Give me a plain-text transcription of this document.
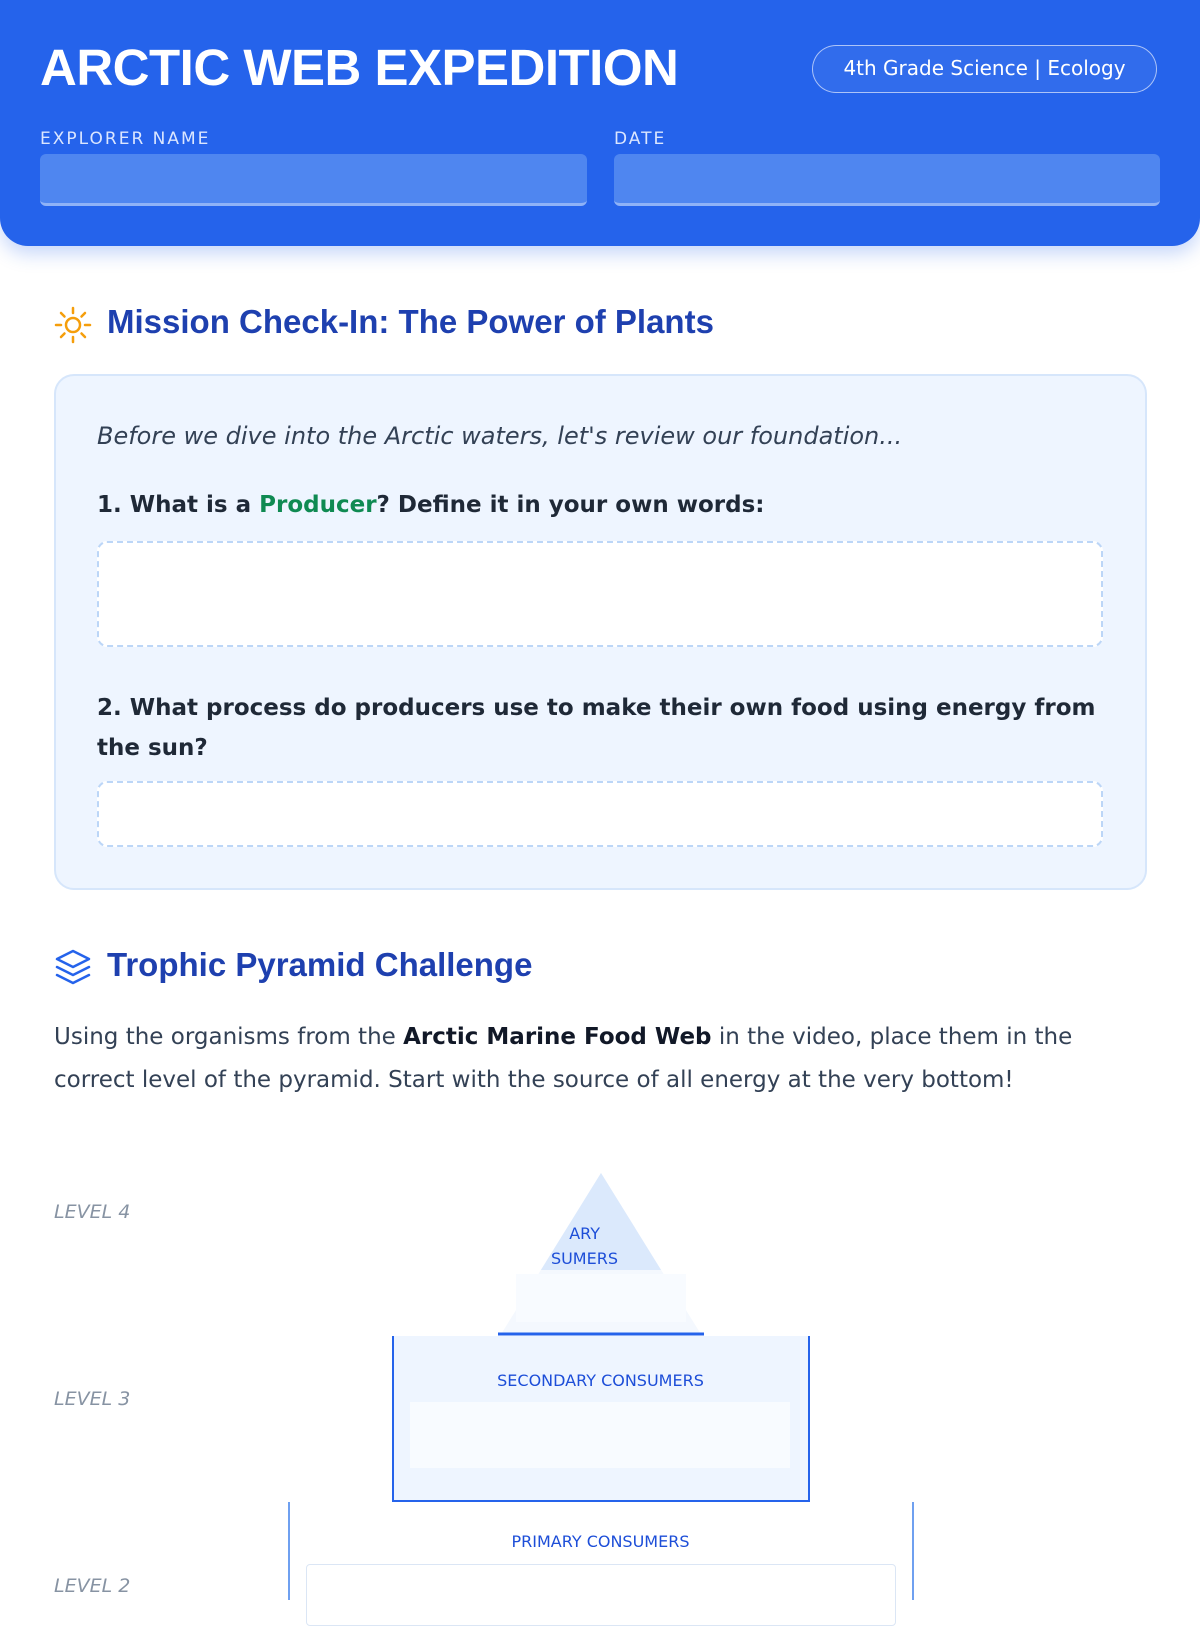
ARCTIC WEB EXPEDITION	4th Grade Science | Ecology
EXPLORER NAME	DATE
Mission Check-In: The Power of Plants
Before we dive into the Arctic waters, let's review our foundation...
1. What is a Producer? Define it in your own words:
2. What process do producers use to make their own food using energy from the sun?
Trophic Pyramid Challenge
Using the organisms from the Arctic Marine Food Web in the video, place them in the correct level of the pyramid. Start with the source of all energy at the very bottom!
LEVEL 4
LEVEL 3
LEVEL 2
ARY
SUMERS
SECONDARY CONSUMERS
PRIMARY CONSUMERS
